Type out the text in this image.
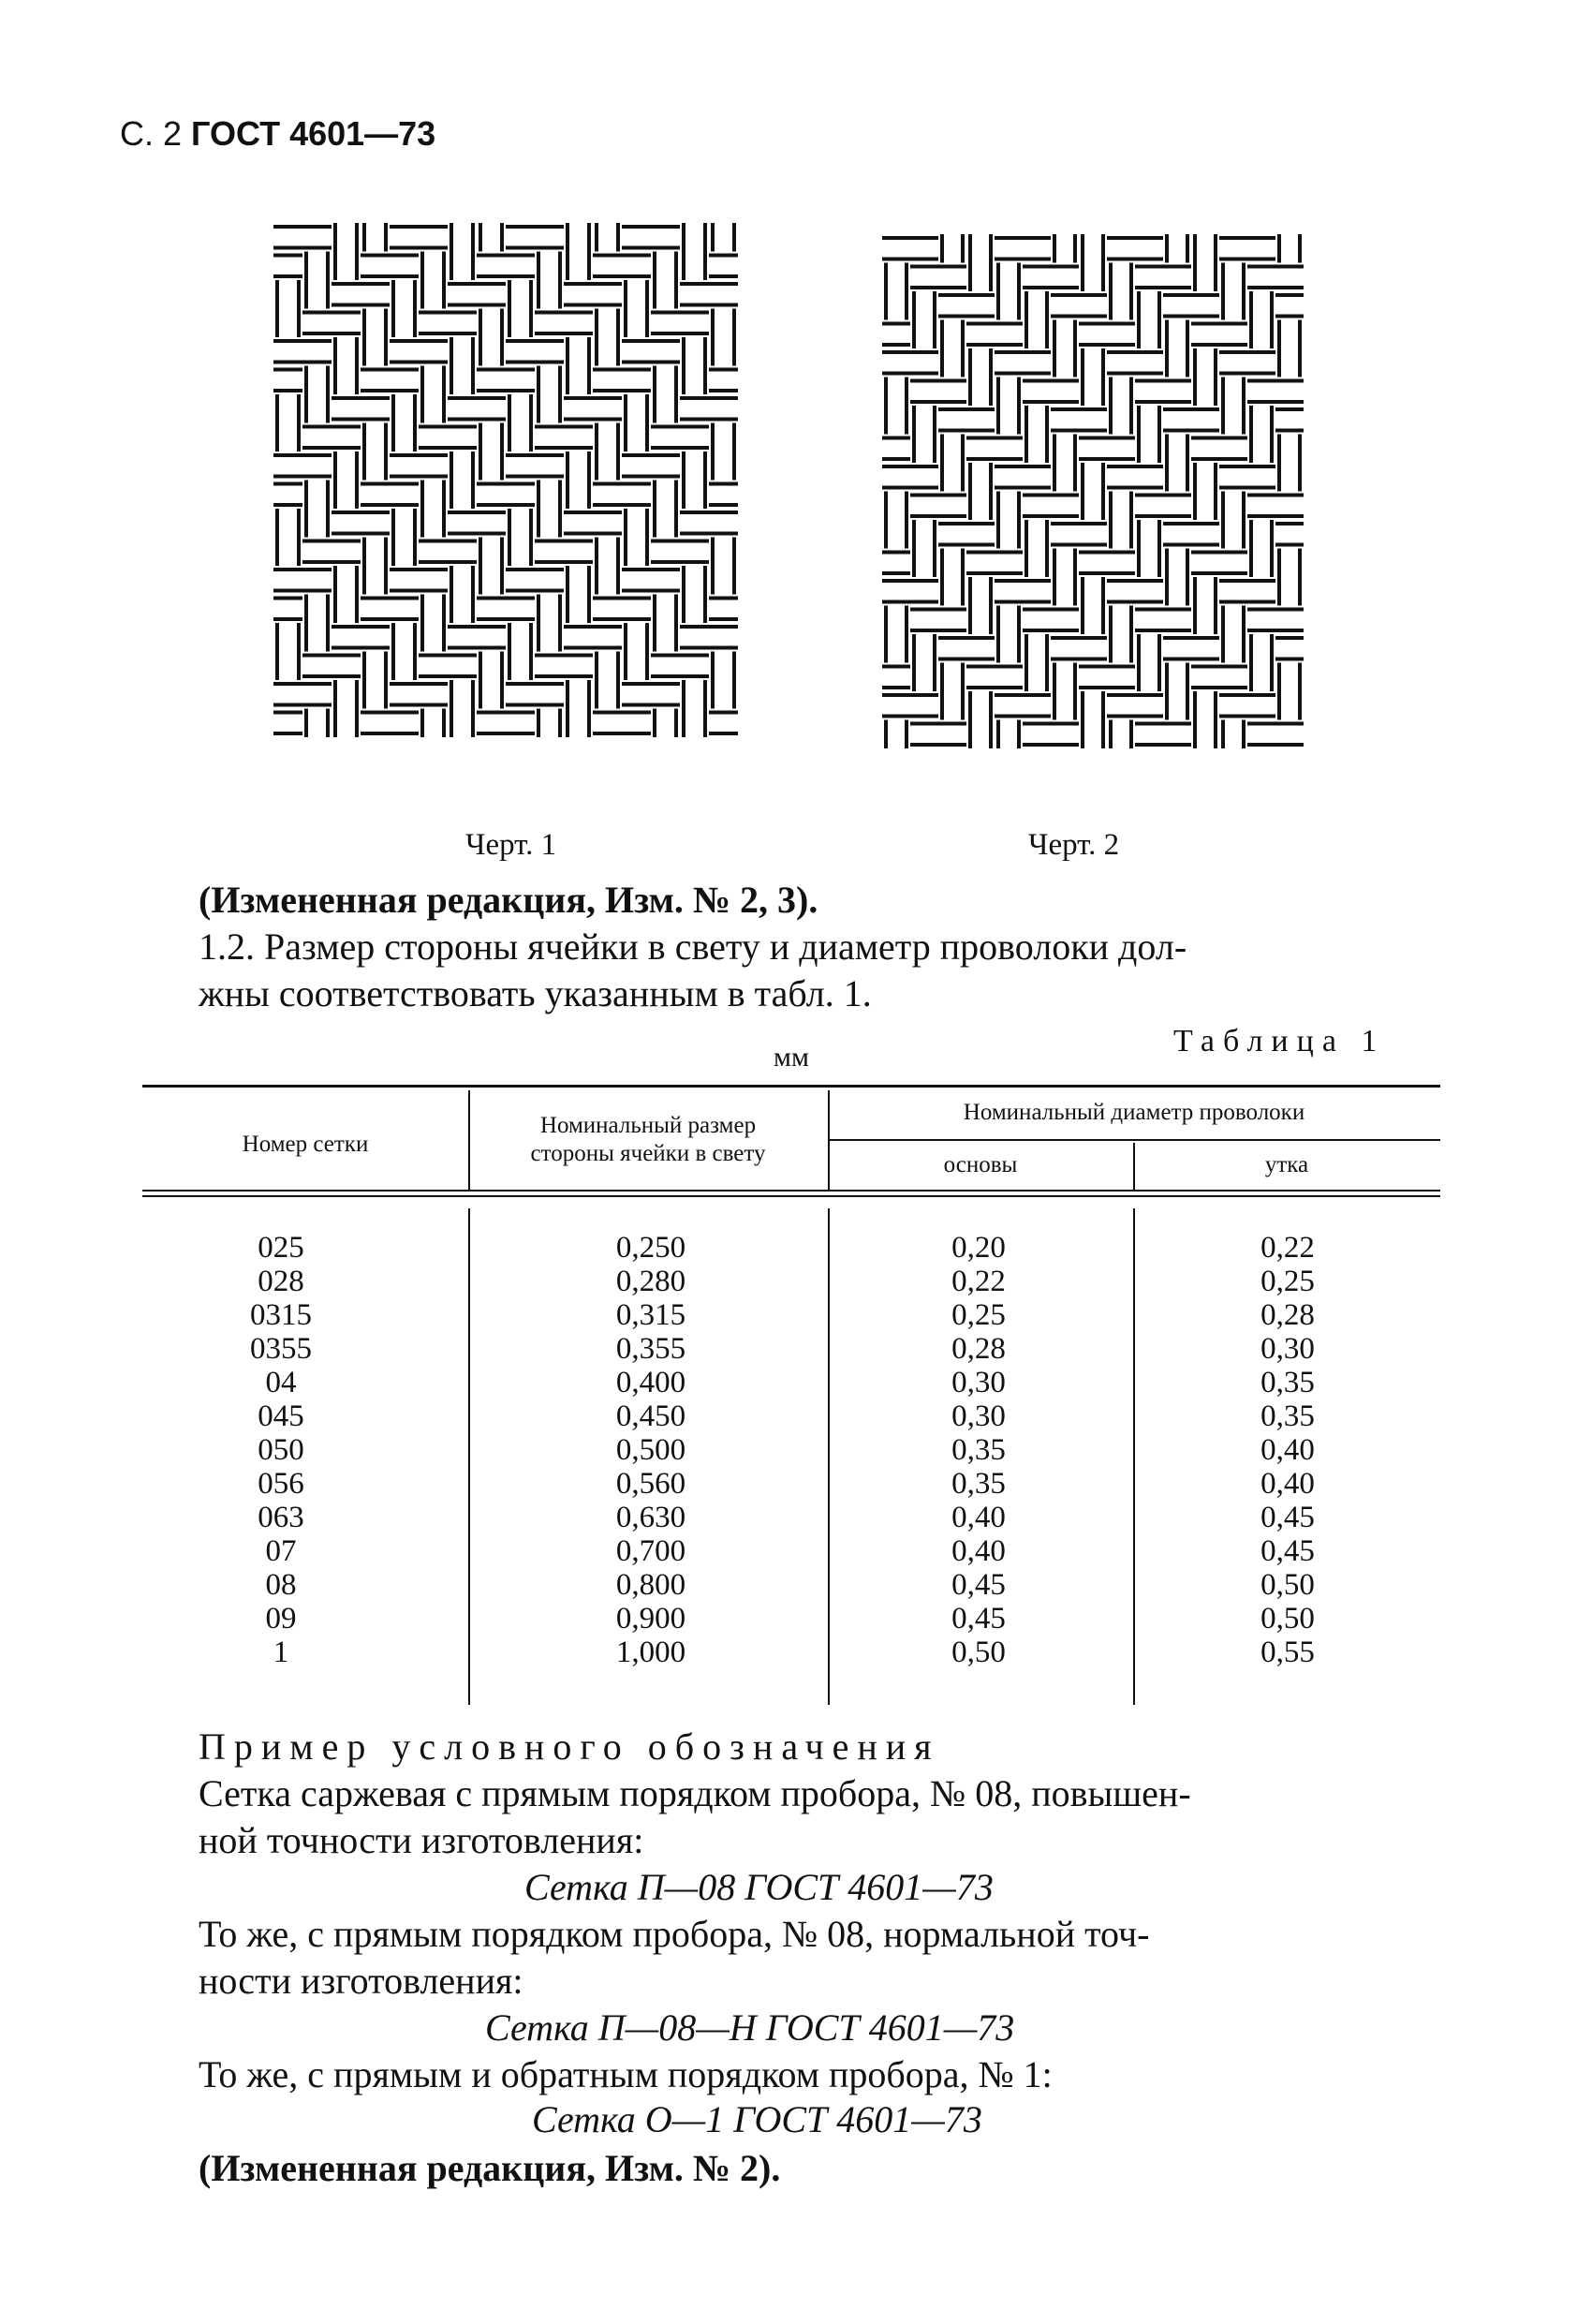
С. 2 ГОСТ 4601—73
Черт. 1	Черт. 2
(Измененная редакция, Изм. № 2, 3).
1.2. Размер стороны ячейки в свету и диаметр проволоки дол-
жны соответствовать указанным в табл. 1.
Таблица 1
мм
Номер сетки
Номинальный размер
стороны ячейки в свету
Номинальный диаметр проволоки
основы	утка
025
028
0315
0355
04
045
050
056
063
07
08
09
1
0,250
0,280
0,315
0,355
0,400
0,450
0,500
0,560
0,630
0,700
0,800
0,900
1,000
0,20
0,22
0,25
0,28
0,30
0,30
0,35
0,35
0,40
0,40
0,45
0,45
0,50
0,22
0,25
0,28
0,30
0,35
0,35
0,40
0,40
0,45
0,45
0,50
0,50
0,55
Пример условного обозначения
Сетка саржевая с прямым порядком пробора, № 08, повышен-
ной точности изготовления:
Сетка П—08 ГОСТ 4601—73
То же, с прямым порядком пробора, № 08, нормальной точ-
ности изготовления:
Сетка П—08—Н ГОСТ 4601—73
То же, с прямым и обратным порядком пробора, № 1:
Сетка О—1 ГОСТ 4601—73
(Измененная редакция, Изм. № 2).
